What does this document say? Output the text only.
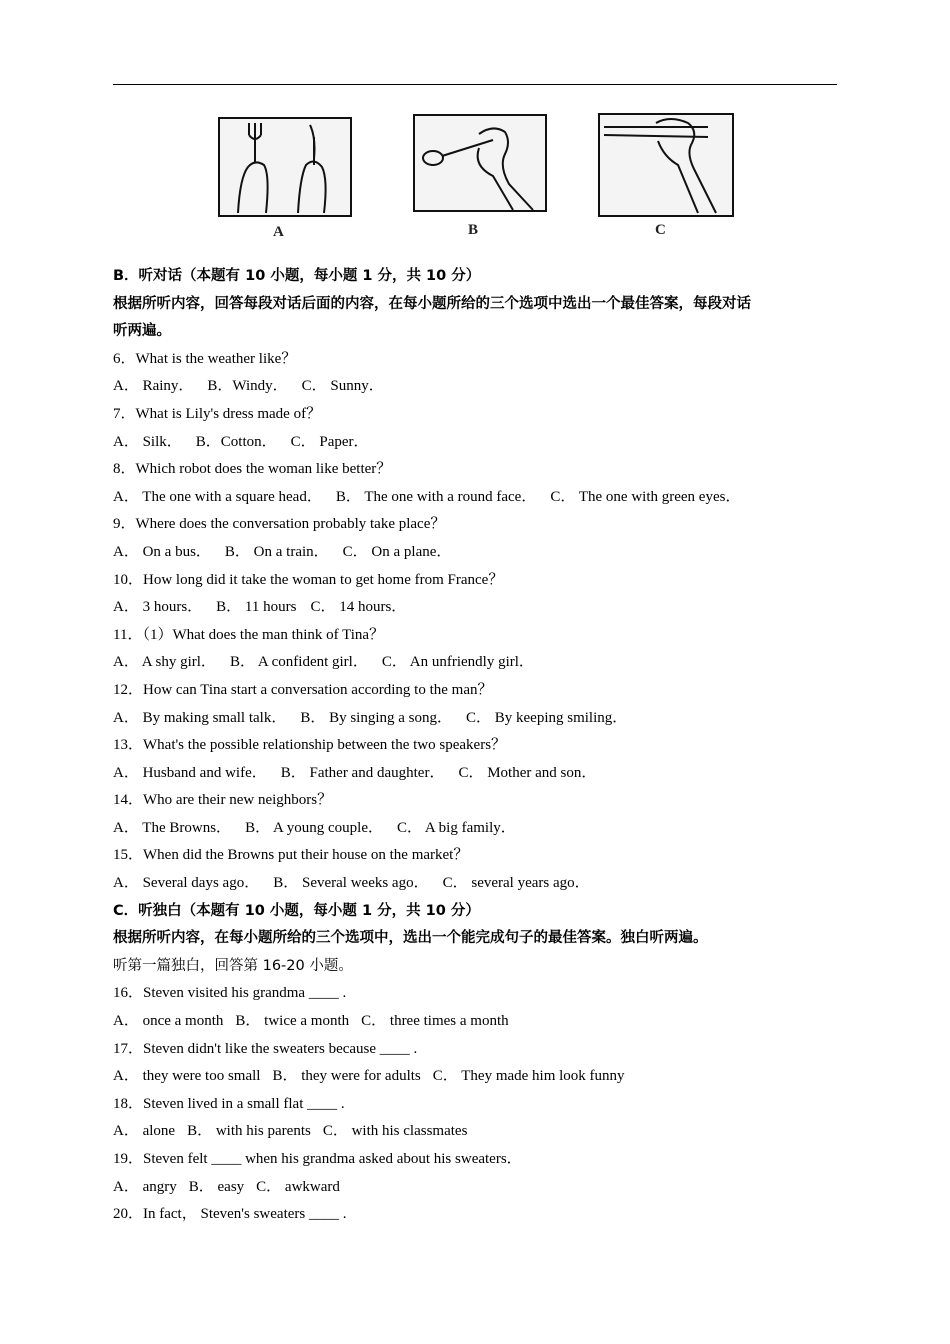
A	B	C
B．听对话（本题有 10 小题，每小题 1 分，共 10 分）
根据所听内容，回答每段对话后面的内容，在每小题所给的三个选项中选出一个最佳答案，每段对话
听两遍。
6．What is the weather like？
A． Rainy． B．Windy． C． Sunny．
7．What is Lily's dress made of？
A． Silk． B．Cotton． C． Paper．
8．Which robot does the woman like better？
A． The one with a square head． B． The one with a round face． C． The one with green eyes．
9．Where does the conversation probably take place？
A． On a bus． B． On a train． C． On a plane．
10．How long did it take the woman to get home from France？
A． 3 hours． B． 11 hours C． 14 hours．
11．（1）What does the man think of Tina？
A． A shy girl． B． A confident girl． C． An unfriendly girl．
12．How can Tina start a conversation according to the man？
A． By making small talk． B． By singing a song． C． By keeping smiling．
13．What's the possible relationship between the two speakers？
A． Husband and wife． B． Father and daughter． C． Mother and son．
14．Who are their new neighbors？
A． The Browns． B． A young couple． C． A big family．
15．When did the Browns put their house on the market？
A． Several days ago． B． Several weeks ago． C． several years ago．
C．听独白（本题有 10 小题，每小题 1 分，共 10 分）
根据所听内容，在每小题所给的三个选项中，选出一个能完成句子的最佳答案。独白听两遍。
听第一篇独白，回答第 16-20 小题。
16．Steven visited his grandma ____ .
A． once a month B． twice a month C． three times a month
17．Steven didn't like the sweaters because ____ .
A． they were too small B． they were for adults C． They made him look funny
18．Steven lived in a small flat ____ .
A． alone B． with his parents C． with his classmates
19．Steven felt ____ when his grandma asked about his sweaters．
A． angry B． easy C． awkward
20．In fact， Steven's sweaters ____ .
